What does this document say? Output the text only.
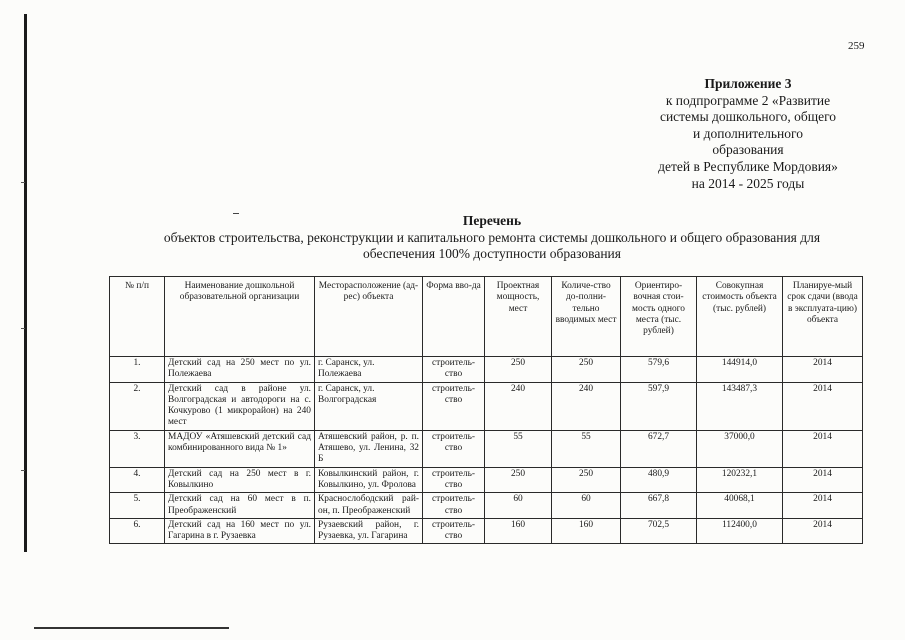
259
Приложение 3
к подпрограмме 2 «Развитие
системы дошкольного, общего
и дополнительного
образования
детей в Республике Мордовия»
на 2014 - 2025 годы
Перечень
объектов строительства, реконструкции и капитального ремонта системы дошкольного и общего образования для
обеспечения 100% доступности образования
№ п/п	Наименование дошкольной образовательной организации	Месторасположение (ад-рес) объекта	Форма вво-да	Проектная мощность, мест	Количе-ство до-полни-тельно вводимых мест	Ориентиро-вочная стои-мость одного места (тыс. рублей)	Совокупная стоимость объекта (тыс. рублей)	Планируе-мый срок сдачи (ввода в эксплуата-цию) объекта
1.	Детский сад на 250 мест по ул. Полежаева	г. Саранск, ул. Полежаева	строитель-ство	250	250	579,6	144914,0	2014
2.	Детский сад в районе ул. Волгоградская и автодороги на с. Кочкурово (1 микрорайон) на 240 мест	г. Саранск, ул. Волгоградская	строитель-ство	240	240	597,9	143487,3	2014
3.	МАДОУ «Атяшевский детский сад комбинированного вида № 1»	Атяшевский район, р. п. Атяшево, ул. Ленина, 32 Б	строитель-ство	55	55	672,7	37000,0	2014
4.	Детский сад на 250 мест в г. Ковылкино	Ковылкинский район, г. Ковылкино, ул. Фролова	строитель-ство	250	250	480,9	120232,1	2014
5.	Детский сад на 60 мест в п. Преображенский	Краснослободский рай-он, п. Преображенский	строитель-ство	60	60	667,8	40068,1	2014
6.	Детский сад на 160 мест по ул. Гагарина в г. Рузаевка	Рузаевский район, г. Рузаевка, ул. Гагарина	строитель-ство	160	160	702,5	112400,0	2014
